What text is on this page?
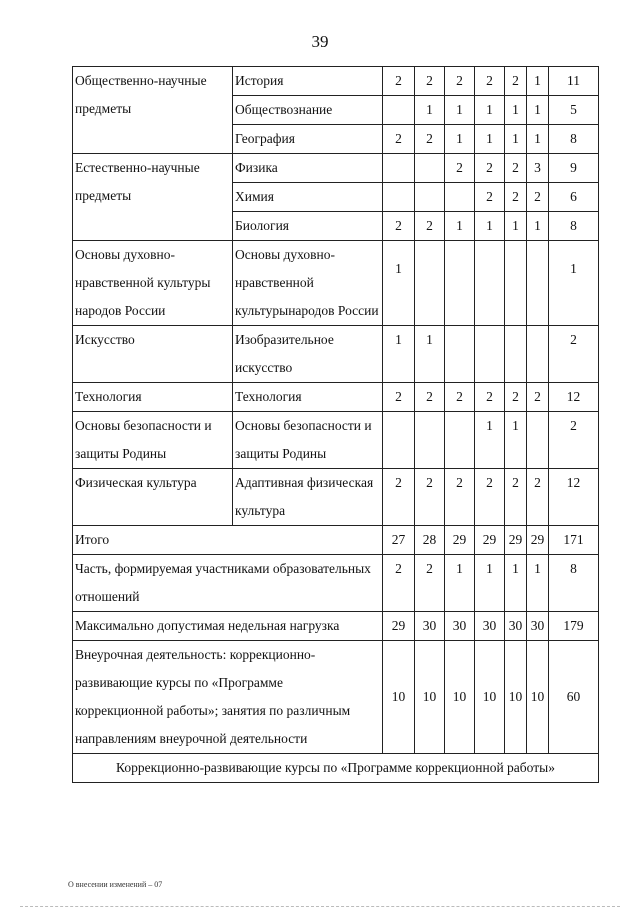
39
Общественно-научные предметы	История	2	2	2	2	2	1	11
	Обществознание		1	1	1	1	1	5
	География	2	2	1	1	1	1	8
Естественно-научные предметы	Физика			2	2	2	3	9
	Химия				2	2	2	6
	Биология	2	2	1	1	1	1	8
Основы духовно-нравственной культуры народов России	Основы духовно-нравственной культурынародов России	1						1
Искусство	Изобразительное искусство	1	1					2
Технология	Технология	2	2	2	2	2	2	12
Основы безопасности и защиты Родины	Основы безопасности и защиты Родины				1	1		2
Физическая культура	Адаптивная физическая культура	2	2	2	2	2	2	12
Итого		27	28	29	29	29	29	171
Часть, формируемая участниками образовательных отношений		2	2	1	1	1	1	8
Максимально допустимая недельная нагрузка		29	30	30	30	30	30	179
Внеурочная деятельность: коррекционно-развивающие курсы по «Программе коррекционной работы»; занятия по различным направлениям внеурочной деятельности		10	10	10	10	10	10	60
Коррекционно-развивающие курсы по «Программе коррекционной работы»								
О внесении изменений – 07
